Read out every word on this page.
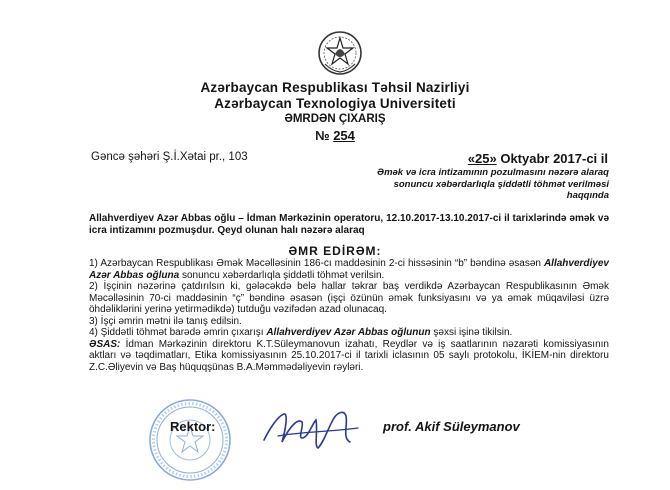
Azərbaycan Respublikası Təhsil Nazirliyi
Azərbaycan Texnologiya Universiteti
ƏMRDƏN ÇIXARIŞ
№ 254
Gəncə şəhəri Ş.İ.Xətai pr., 103	«25» Oktyabr 2017-ci il
Əmək və icra intizamının pozulmasını nəzərə alaraq sonuncu xəbərdarlıqla şiddətli töhmət verilməsi haqqında
Allahverdiyev Azər Abbas oğlu – İdman Mərkəzinin operatoru, 12.10.2017-13.10.2017-ci il tarixlərində əmək və icra intizamını pozmuşdur. Qeyd olunan halı nəzərə alaraq
ƏMR EDİRƏM:

1) Azərbaycan Respublikası Əmək Məcəlləsinin 186-cı maddəsinin 2-ci hissəsinin “b” bəndinə əsasən Allahverdiyev Azər Abbas oğluna sonuncu xəbərdarlıqla şiddətli töhmət verilsin.

2) İşçinin nəzərinə çatdırılsın ki, gələcəkdə belə hallar təkrar baş verdikdə Azərbaycan Respublikasının Əmək Məcəlləsinin 70-ci maddəsinin “ç” bəndinə əsasən (işçi özünün əmək funksiyasını və ya əmək müqaviləsi üzrə öhdəliklərini yerinə yetirmədikdə) tutduğu vəzifədən azad olunacaq.

3) İşçi əmrin mətni ilə tanış edilsin.

4) Şiddətli töhmət barədə əmrin çıxarışı Allahverdiyev Azər Abbas oğlunun şəxsi işinə tikilsin.

ƏSAS: İdman Mərkəzinin direktoru K.T.Süleymanovun izahatı, Reydlər və iş saatlarının nəzarəti komissiyasının aktları və təqdimatları, Etika komissiyasının 25.10.2017-ci il tarixli iclasının 05 saylı protokolu, İKİEM-nin direktoru Z.C.Əliyevin və Baş hüquqşünas B.A.Məmmədəliyevin rəyləri.

Rektor:	prof. Akif Süleymanov
